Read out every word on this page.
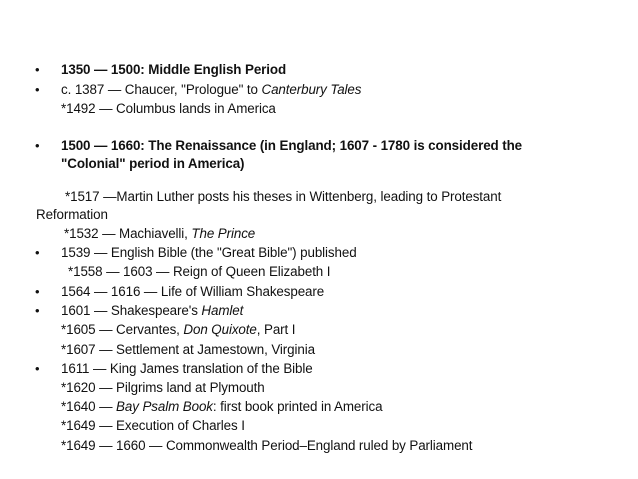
• 1350 — 1500: Middle English Period
• c. 1387 — Chaucer, "Prologue" to Canterbury Tales
*1492 — Columbus lands in America
• 1500 — 1660: The Renaissance (in England; 1607 - 1780 is considered the
"Colonial" period in America)
*1517 —Martin Luther posts his theses in Wittenberg, leading to Protestant
Reformation
*1532 — Machiavelli, The Prince
• 1539 — English Bible (the "Great Bible") published
*1558 — 1603 — Reign of Queen Elizabeth I
• 1564 — 1616 — Life of William Shakespeare
• 1601 — Shakespeare's Hamlet
*1605 — Cervantes, Don Quixote, Part I
*1607 — Settlement at Jamestown, Virginia
• 1611 — King James translation of the Bible
*1620 — Pilgrims land at Plymouth
*1640 — Bay Psalm Book: first book printed in America
*1649 — Execution of Charles I
*1649 — 1660 — Commonwealth Period–England ruled by Parliament
